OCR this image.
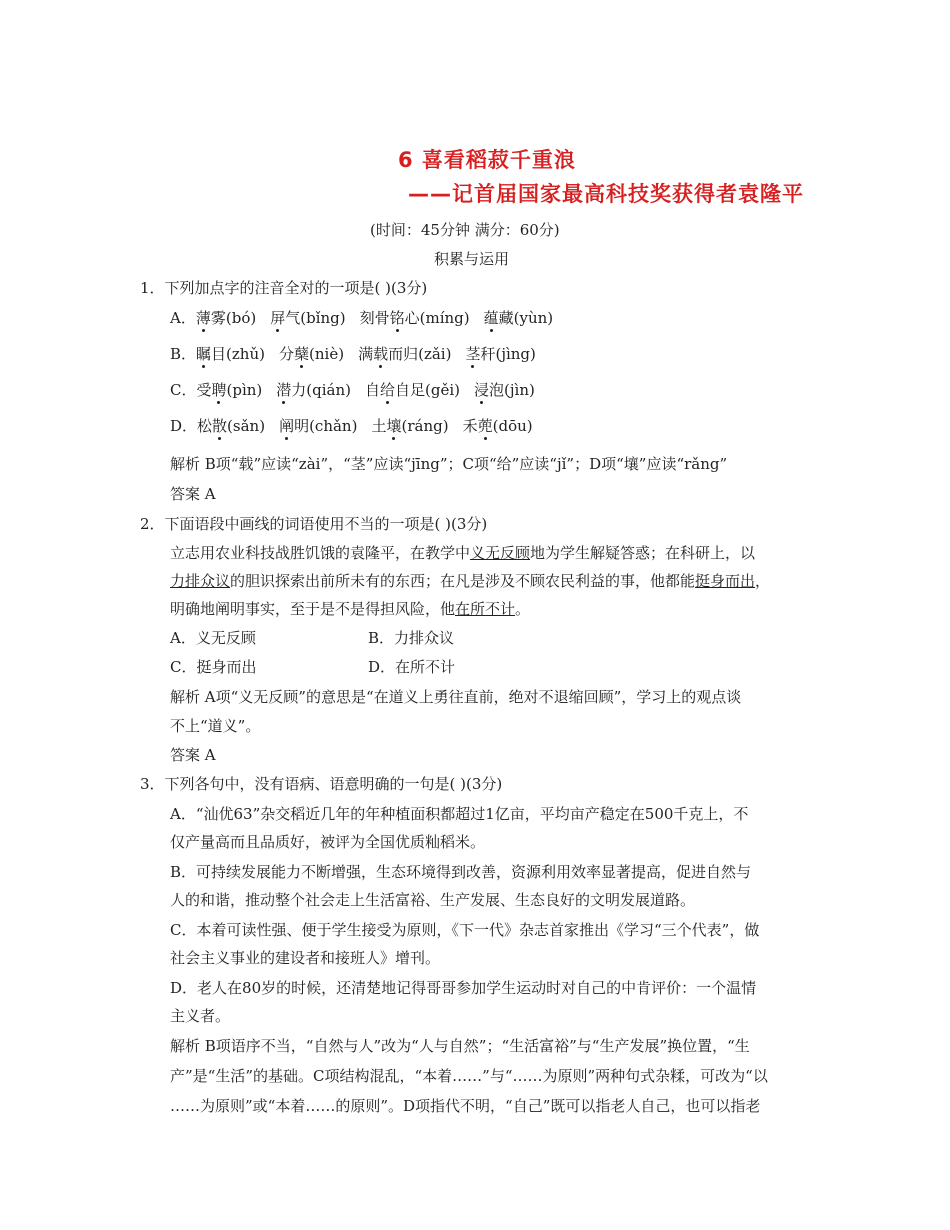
6 喜看稻菽千重浪
——记首届国家最高科技奖获得者袁隆平
(时间：45分钟 满分：60分)
积累与运用
1．下列加点字的注音全对的一项是( )(3分)
A．薄雾(bó) 屏气(bǐng) 刻骨铭心(míng) 蕴藏(yùn)
B．瞩目(zhǔ) 分蘖(niè) 满载而归(zǎi) 茎秆(jìng)
C．受聘(pìn) 潜力(qián) 自给自足(gěi) 浸泡(jìn)
D．松散(sǎn) 阐明(chǎn) 土壤(ráng) 禾蔸(dōu)
解析 B项“载”应读“zài”，“茎”应读“jīng”；C项“给”应读“jǐ”；D项“壤”应读“rǎng”
答案 A
2．下面语段中画线的词语使用不当的一项是( )(3分)
立志用农业科技战胜饥饿的袁隆平，在教学中义无反顾地为学生解疑答惑；在科研上，以
力排众议的胆识探索出前所未有的东西；在凡是涉及不顾农民利益的事，他都能挺身而出，
明确地阐明事实，至于是不是得担风险，他在所不计。
A．义无反顾	B．力排众议
C．挺身而出	D．在所不计
解析 A项“义无反顾”的意思是“在道义上勇往直前，绝对不退缩回顾”，学习上的观点谈
不上“道义”。
答案 A
3．下列各句中，没有语病、语意明确的一句是( )(3分)
A．“汕优63”杂交稻近几年的年种植面积都超过1亿亩，平均亩产稳定在500千克上，不
仅产量高而且品质好，被评为全国优质籼稻米。
B．可持续发展能力不断增强，生态环境得到改善，资源利用效率显著提高，促进自然与
人的和谐，推动整个社会走上生活富裕、生产发展、生态良好的文明发展道路。
C．本着可读性强、便于学生接受为原则，《下一代》杂志首家推出《学习“三个代表”，做
社会主义事业的建设者和接班人》增刊。
D．老人在80岁的时候，还清楚地记得哥哥参加学生运动时对自己的中肯评价：一个温情
主义者。
解析 B项语序不当，“自然与人”改为“人与自然”；“生活富裕”与“生产发展”换位置，“生
产”是“生活”的基础。C项结构混乱，“本着……”与“……为原则”两种句式杂糅，可改为“以
……为原则”或“本着……的原则”。D项指代不明，“自己”既可以指老人自己，也可以指老
